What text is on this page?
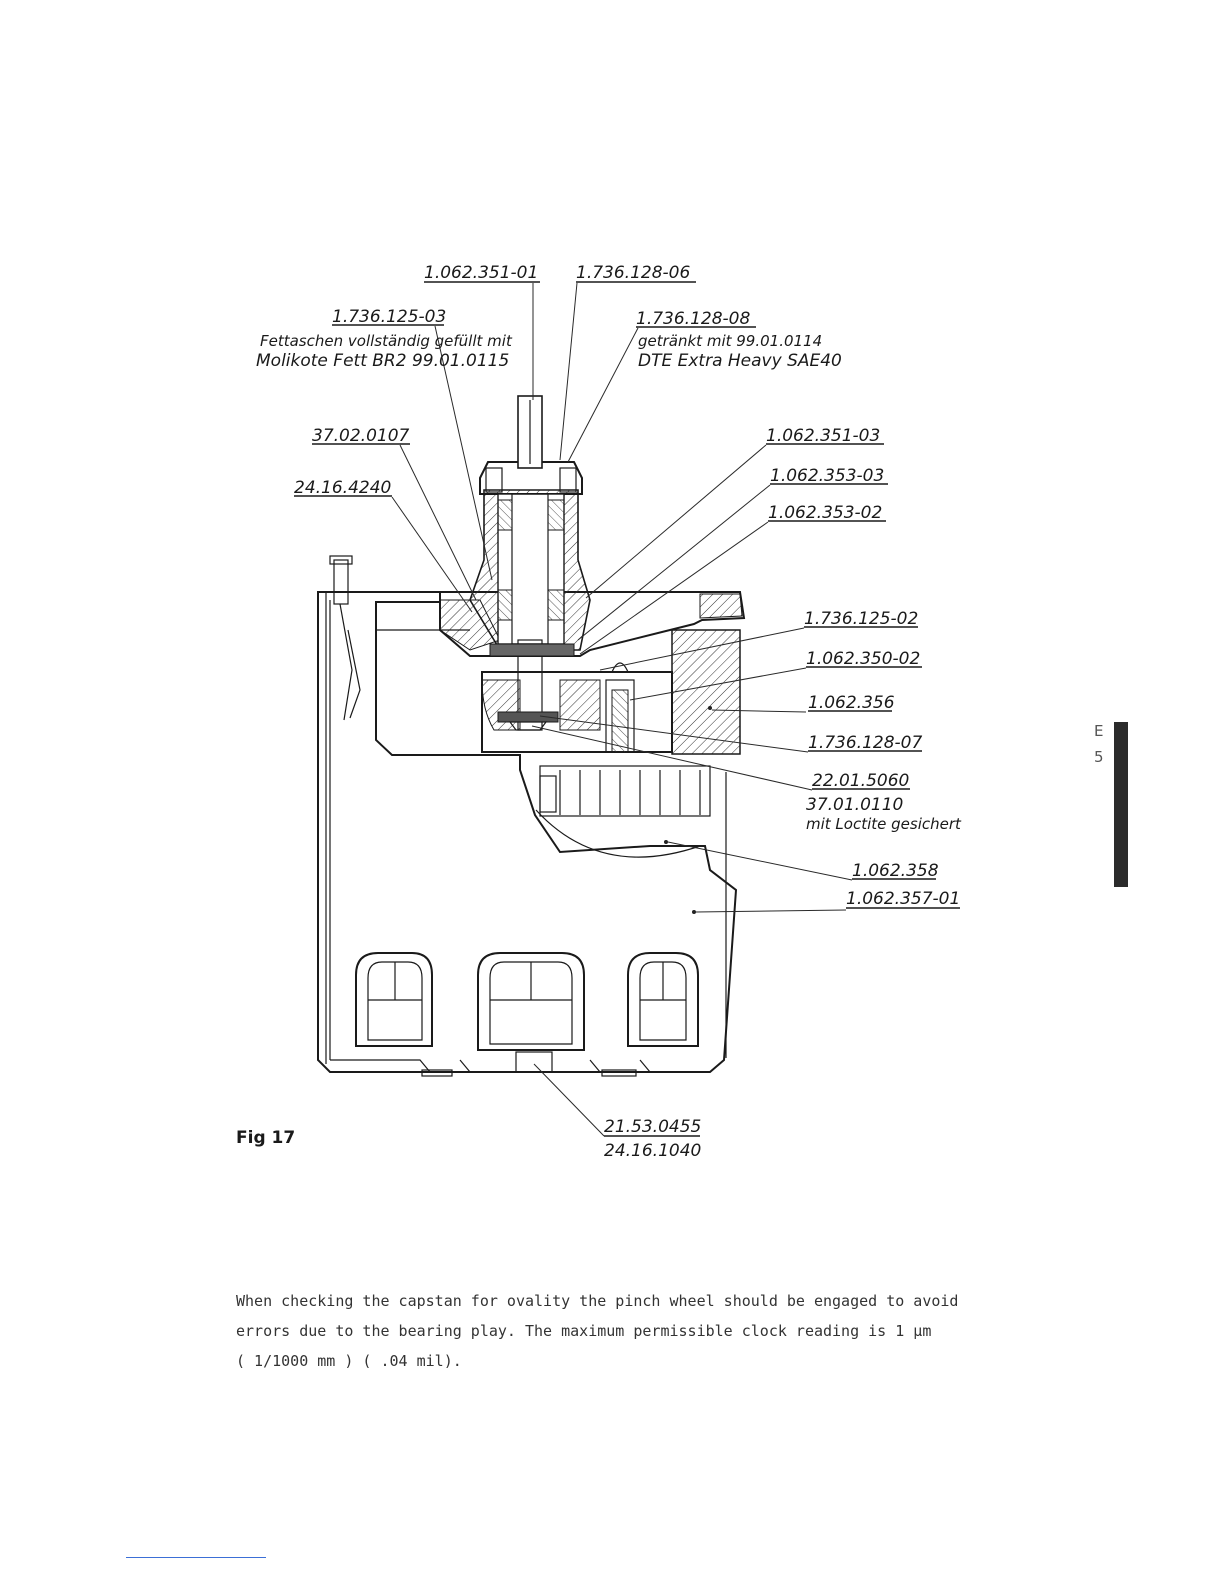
1.062.351-01 1.736.128-06
1.736.125-03
Fettaschen vollständig gefüllt mit
Molikote Fett BR2 99.01.0115
1.736.128-08
getränkt mit 99.01.0114
DTE Extra Heavy SAE40
37.02.0107
24.16.4240
1.062.351-03
1.062.353-03
1.062.353-02
1.736.125-02
1.062.350-02
1.062.356
1.736.128-07
22.01.5060
37.01.0110
mit Loctite gesichert
1.062.358
1.062.357-01
21.53.0455
24.16.1040
Fig 17
E
5

When checking the capstan for ovality the pinch wheel should be engaged to avoid

errors due to the bearing play. The maximum permissible clock reading is 1 µm

( 1/1000 mm ) ( .04 mil).
